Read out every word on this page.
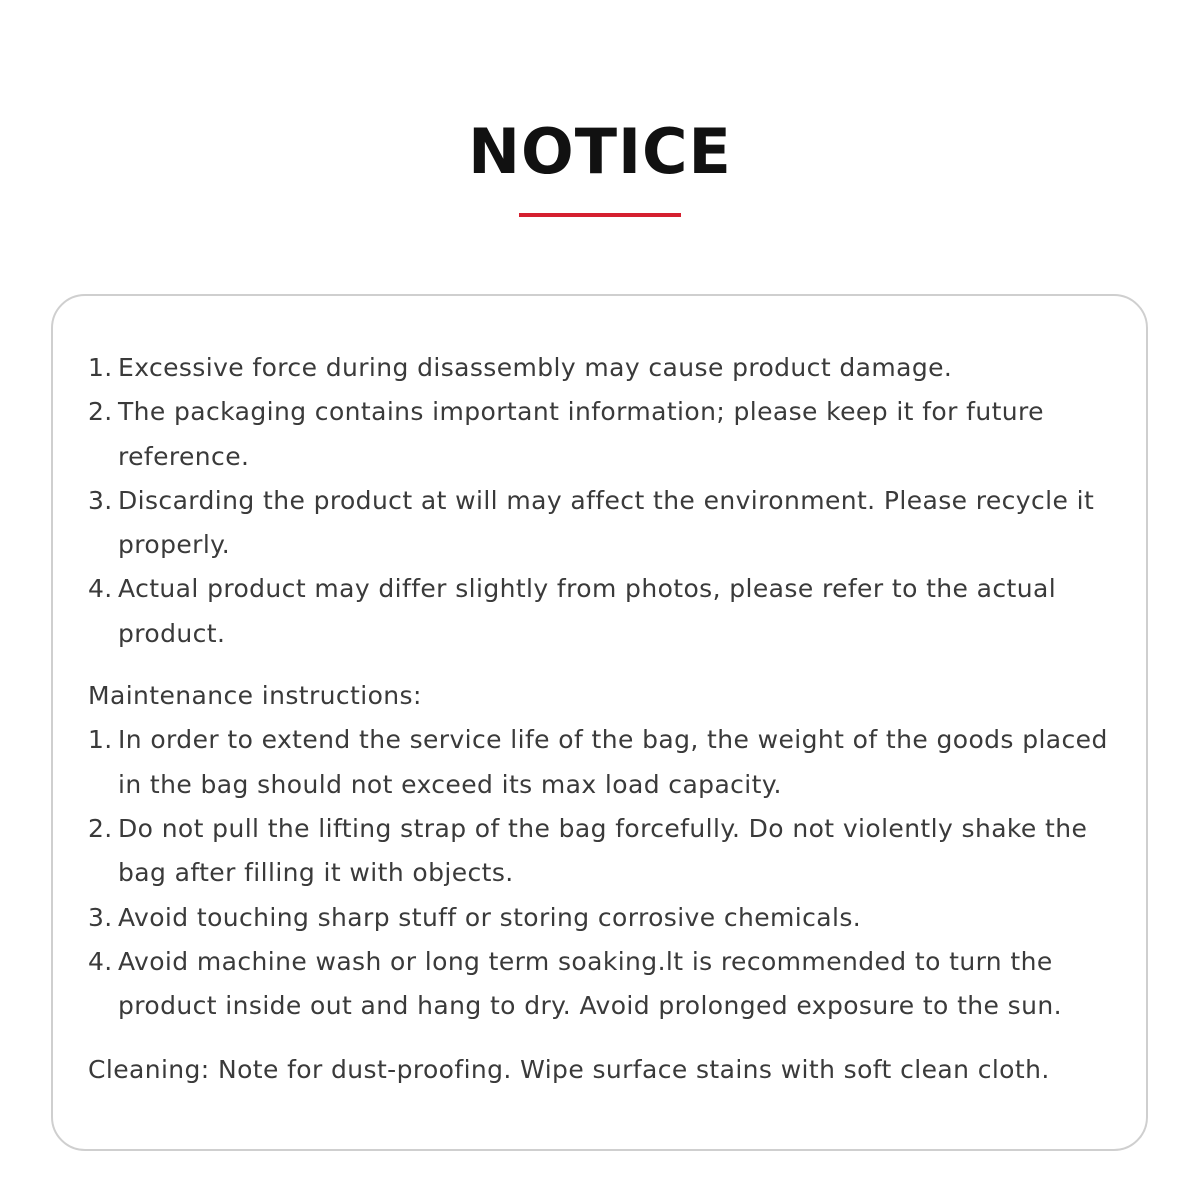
NOTICE
1. Excessive force during disassembly may cause product damage.
2. The packaging contains important information; please keep it for future reference.
3. Discarding the product at will may affect the environment. Please recycle it properly.
4. Actual product may differ slightly from photos, please refer to the actual product.

Maintenance instructions:

1. In order to extend the service life of the bag, the weight of the goods placed in the bag should not exceed its max load capacity.
2. Do not pull the lifting strap of the bag forcefully. Do not violently shake the bag after filling it with objects.
3. Avoid touching sharp stuff or storing corrosive chemicals.
4. Avoid machine wash or long term soaking.lt is recommended to turn the product inside out and hang to dry. Avoid prolonged exposure to the sun.

Cleaning: Note for dust-proofing. Wipe surface stains with soft clean cloth.
